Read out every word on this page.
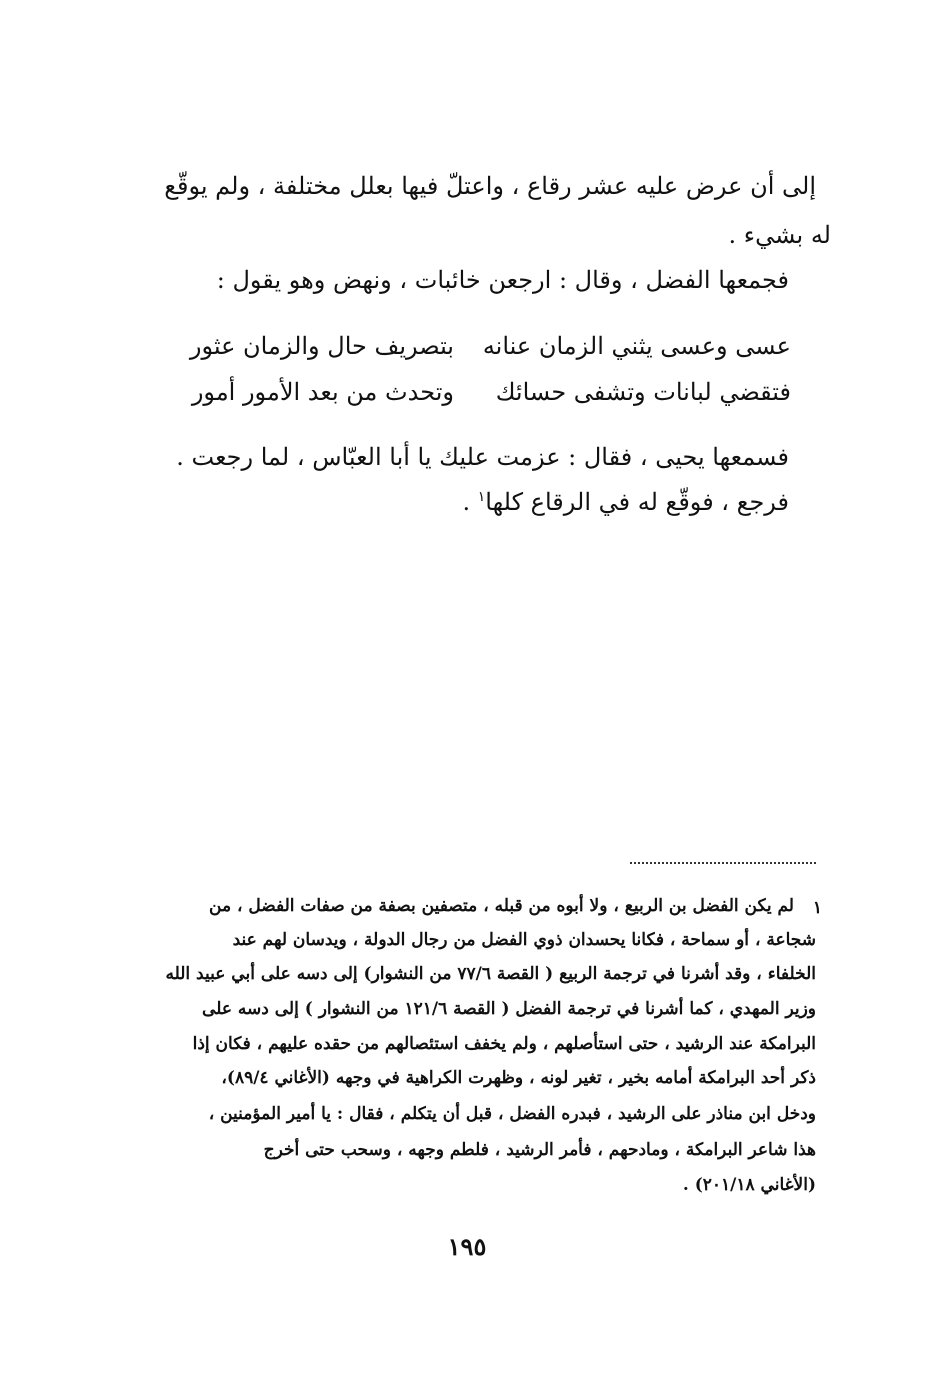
إلى أن عرض عليه عشر رقاع ، واعتلّ فيها بعلل مختلفة ، ولم يوقّع
له بشيء .
فجمعها الفضل ، وقال : ارجعن خائبات ، ونهض وهو يقول :
عسى وعسى يثني الزمان عنانه
بتصريف حال والزمان عثور
فتقضي لبانات وتشفى حسائك
وتحدث من بعد الأمور أمور
فسمعها يحيى ، فقال : عزمت عليك يا أبا العبّاس ، لما رجعت .
فرجع ، فوقّع له في الرقاع كلها$^١$ .
١
لم يكن الفضل بن الربيع ، ولا أبوه من قبله ، متصفين بصفة من صفات الفضل ، من
شجاعة ، أو سماحة ، فكانا يحسدان ذوي الفضل من رجال الدولة ، ويدسان لهم عند
الخلفاء ، وقد أشرنا في ترجمة الربيع ( القصة ٧٧/٦ من النشوار) إلى دسه على أبي عبيد الله
وزير المهدي ، كما أشرنا في ترجمة الفضل ( القصة ١٢١/٦ من النشوار ) إلى دسه على
البرامكة عند الرشيد ، حتى استأصلهم ، ولم يخفف استئصالهم من حقده عليهم ، فكان إذا
ذكر أحد البرامكة أمامه بخير ، تغير لونه ، وظهرت الكراهية في وجهه (الأغاني ٨٩/٤)،
ودخل ابن مناذر على الرشيد ، فبدره الفضل ، قبل أن يتكلم ، فقال : يا أمير المؤمنين ،
هذا شاعر البرامكة ، ومادحهم ، فأمر الرشيد ، فلطم وجهه ، وسحب حتى أخرج
(الأغاني ٢٠١/١٨) .
١٩٥
